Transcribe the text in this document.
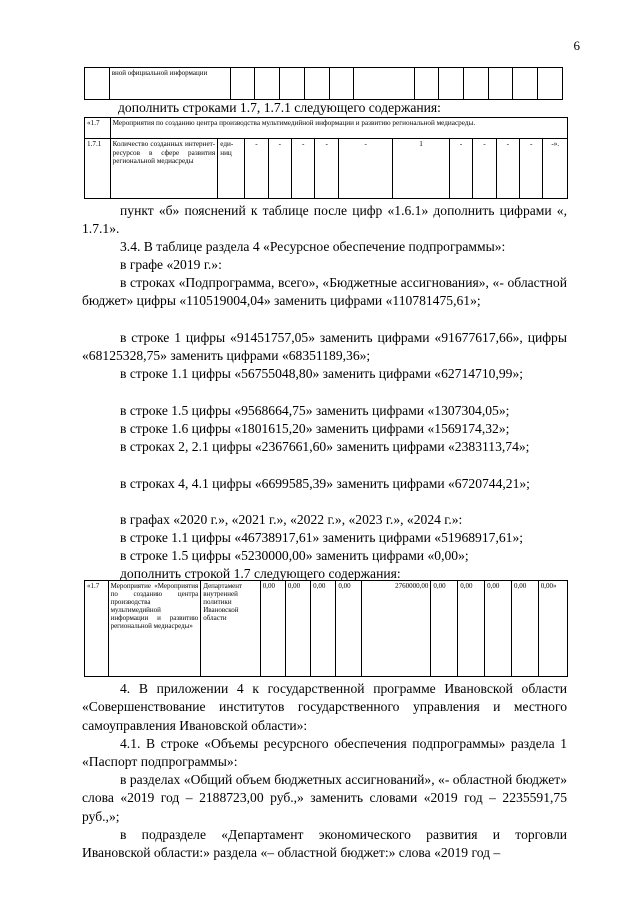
6
	вной официальной информации												
дополнить строками 1.7, 1.7.1 следующего содержания:
«1.7	Мероприятия по созданию центра производства мультимедийной информации и развитию региональной медиасреды.												
1.7.1	Количество созданных интернет-ресурсов в сфере развития региональной медиасреды	еди-ниц	-	-	-	-	-	1	-	-	-	-	-».
пункт «б» пояснений к таблице после цифр «1.6.1» дополнить цифрами «, 1.7.1».
3.4. В таблице раздела 4 «Ресурсное обеспечение подпрограммы»:
в графе «2019 г.»:
в строках «Подпрограмма, всего», «Бюджетные ассигнования», «- областной бюджет» цифры «110519004,04» заменить цифрами «110781475,61»;
в строке 1 цифры «91451757,05» заменить цифрами «91677617,66», цифры «68125328,75» заменить цифрами «68351189,36»;
в строке 1.1 цифры «56755048,80» заменить цифрами «62714710,99»;
в строке 1.5 цифры «9568664,75» заменить цифрами «1307304,05»;
в строке 1.6 цифры «1801615,20» заменить цифрами «1569174,32»;
в строках 2, 2.1 цифры «2367661,60» заменить цифрами «2383113,74»;
в строках 4, 4.1 цифры «6699585,39» заменить цифрами «6720744,21»;
в графах «2020 г.», «2021 г.», «2022 г.», «2023 г.», «2024 г.»:
в строке 1.1 цифры «46738917,61» заменить цифрами «51968917,61»;
в строке 1.5 цифры «5230000,00» заменить цифрами «0,00»;
дополнить строкой 1.7 следующего содержания:
«1.7	Мероприятие «Мероприятия по созданию центра производства мультимедийной информации и развитию региональной медиасреды»	Департамент внутренней политики Ивановской области	0,00	0,00	0,00	0,00	2760000,00	0,00	0,00	0,00	0,00	0,00»
4. В приложении 4 к государственной программе Ивановской области «Совершенствование институтов государственного управления и местного самоуправления Ивановской области»:
4.1. В строке «Объемы ресурсного обеспечения подпрограммы» раздела 1 «Паспорт подпрограммы»:
в разделах «Общий объем бюджетных ассигнований», «- областной бюджет» слова «2019 год – 2188723,00 руб.,» заменить словами «2019 год – 2235591,75 руб.,»;
в подразделе «Департамент экономического развития и торговли Ивановской области:» раздела «– областной бюджет:» слова «2019 год –
